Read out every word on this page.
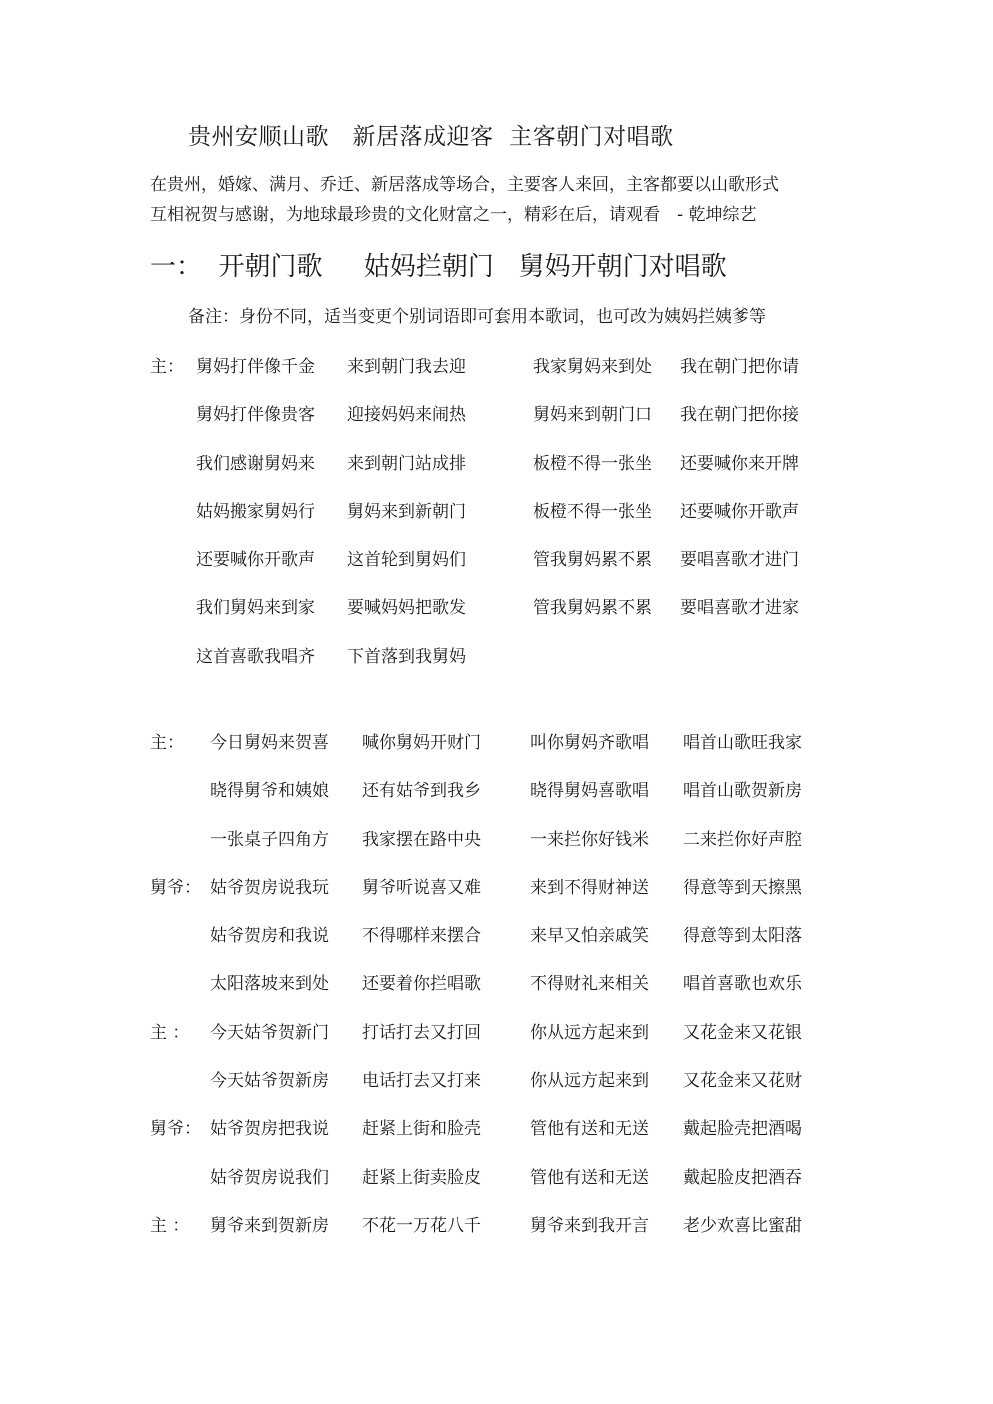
贵州安顺山歌　新居落成迎客  主客朝门对唱歌
在贵州，婚嫁、满月、乔迁、新居落成等场合，主要客人来回，主客都要以山歌形式
互相祝贺与感谢，为地球最珍贵的文化财富之一，精彩在后，请观看　- 乾坤综艺
一：  开朝门歌     姑妈拦朝门   舅妈开朝门对唱歌
备注：身份不同，适当变更个别词语即可套用本歌词，也可改为姨妈拦姨爹等
主： 舅妈打伴像千金 来到朝门我去迎	我家舅妈来到处 我在朝门把你请
舅妈打伴像贵客 迎接妈妈来闹热	舅妈来到朝门口 我在朝门把你接
我们感谢舅妈来 来到朝门站成排	板橙不得一张坐 还要喊你来开牌
姑妈搬家舅妈行 舅妈来到新朝门	板橙不得一张坐 还要喊你开歌声
还要喊你开歌声 这首轮到舅妈们	管我舅妈累不累 要唱喜歌才进门
我们舅妈来到家 要喊妈妈把歌发	管我舅妈累不累 要唱喜歌才进家
这首喜歌我唱齐 下首落到我舅妈
主： 今日舅妈来贺喜 喊你舅妈开财门	叫你舅妈齐歌唱 唱首山歌旺我家
晓得舅爷和姨娘 还有姑爷到我乡	晓得舅妈喜歌唱 唱首山歌贺新房
一张桌子四角方 我家摆在路中央	一来拦你好钱米 二来拦你好声腔
舅爷： 姑爷贺房说我玩 舅爷听说喜又难	来到不得财神送 得意等到天擦黑
姑爷贺房和我说 不得哪样来摆合	来早又怕亲戚笑 得意等到太阳落
太阳落坡来到处 还要着你拦唱歌	不得财礼来相关 唱首喜歌也欢乐
主 ： 今天姑爷贺新门 打话打去又打回	你从远方起来到 又花金来又花银
今天姑爷贺新房 电话打去又打来	你从远方起来到 又花金来又花财
舅爷： 姑爷贺房把我说 赶紧上街和脸壳	管他有送和无送 戴起脸壳把酒喝
姑爷贺房说我们 赶紧上街卖脸皮	管他有送和无送 戴起脸皮把酒吞
主 ： 舅爷来到贺新房 不花一万花八千	舅爷来到我开言 老少欢喜比蜜甜
